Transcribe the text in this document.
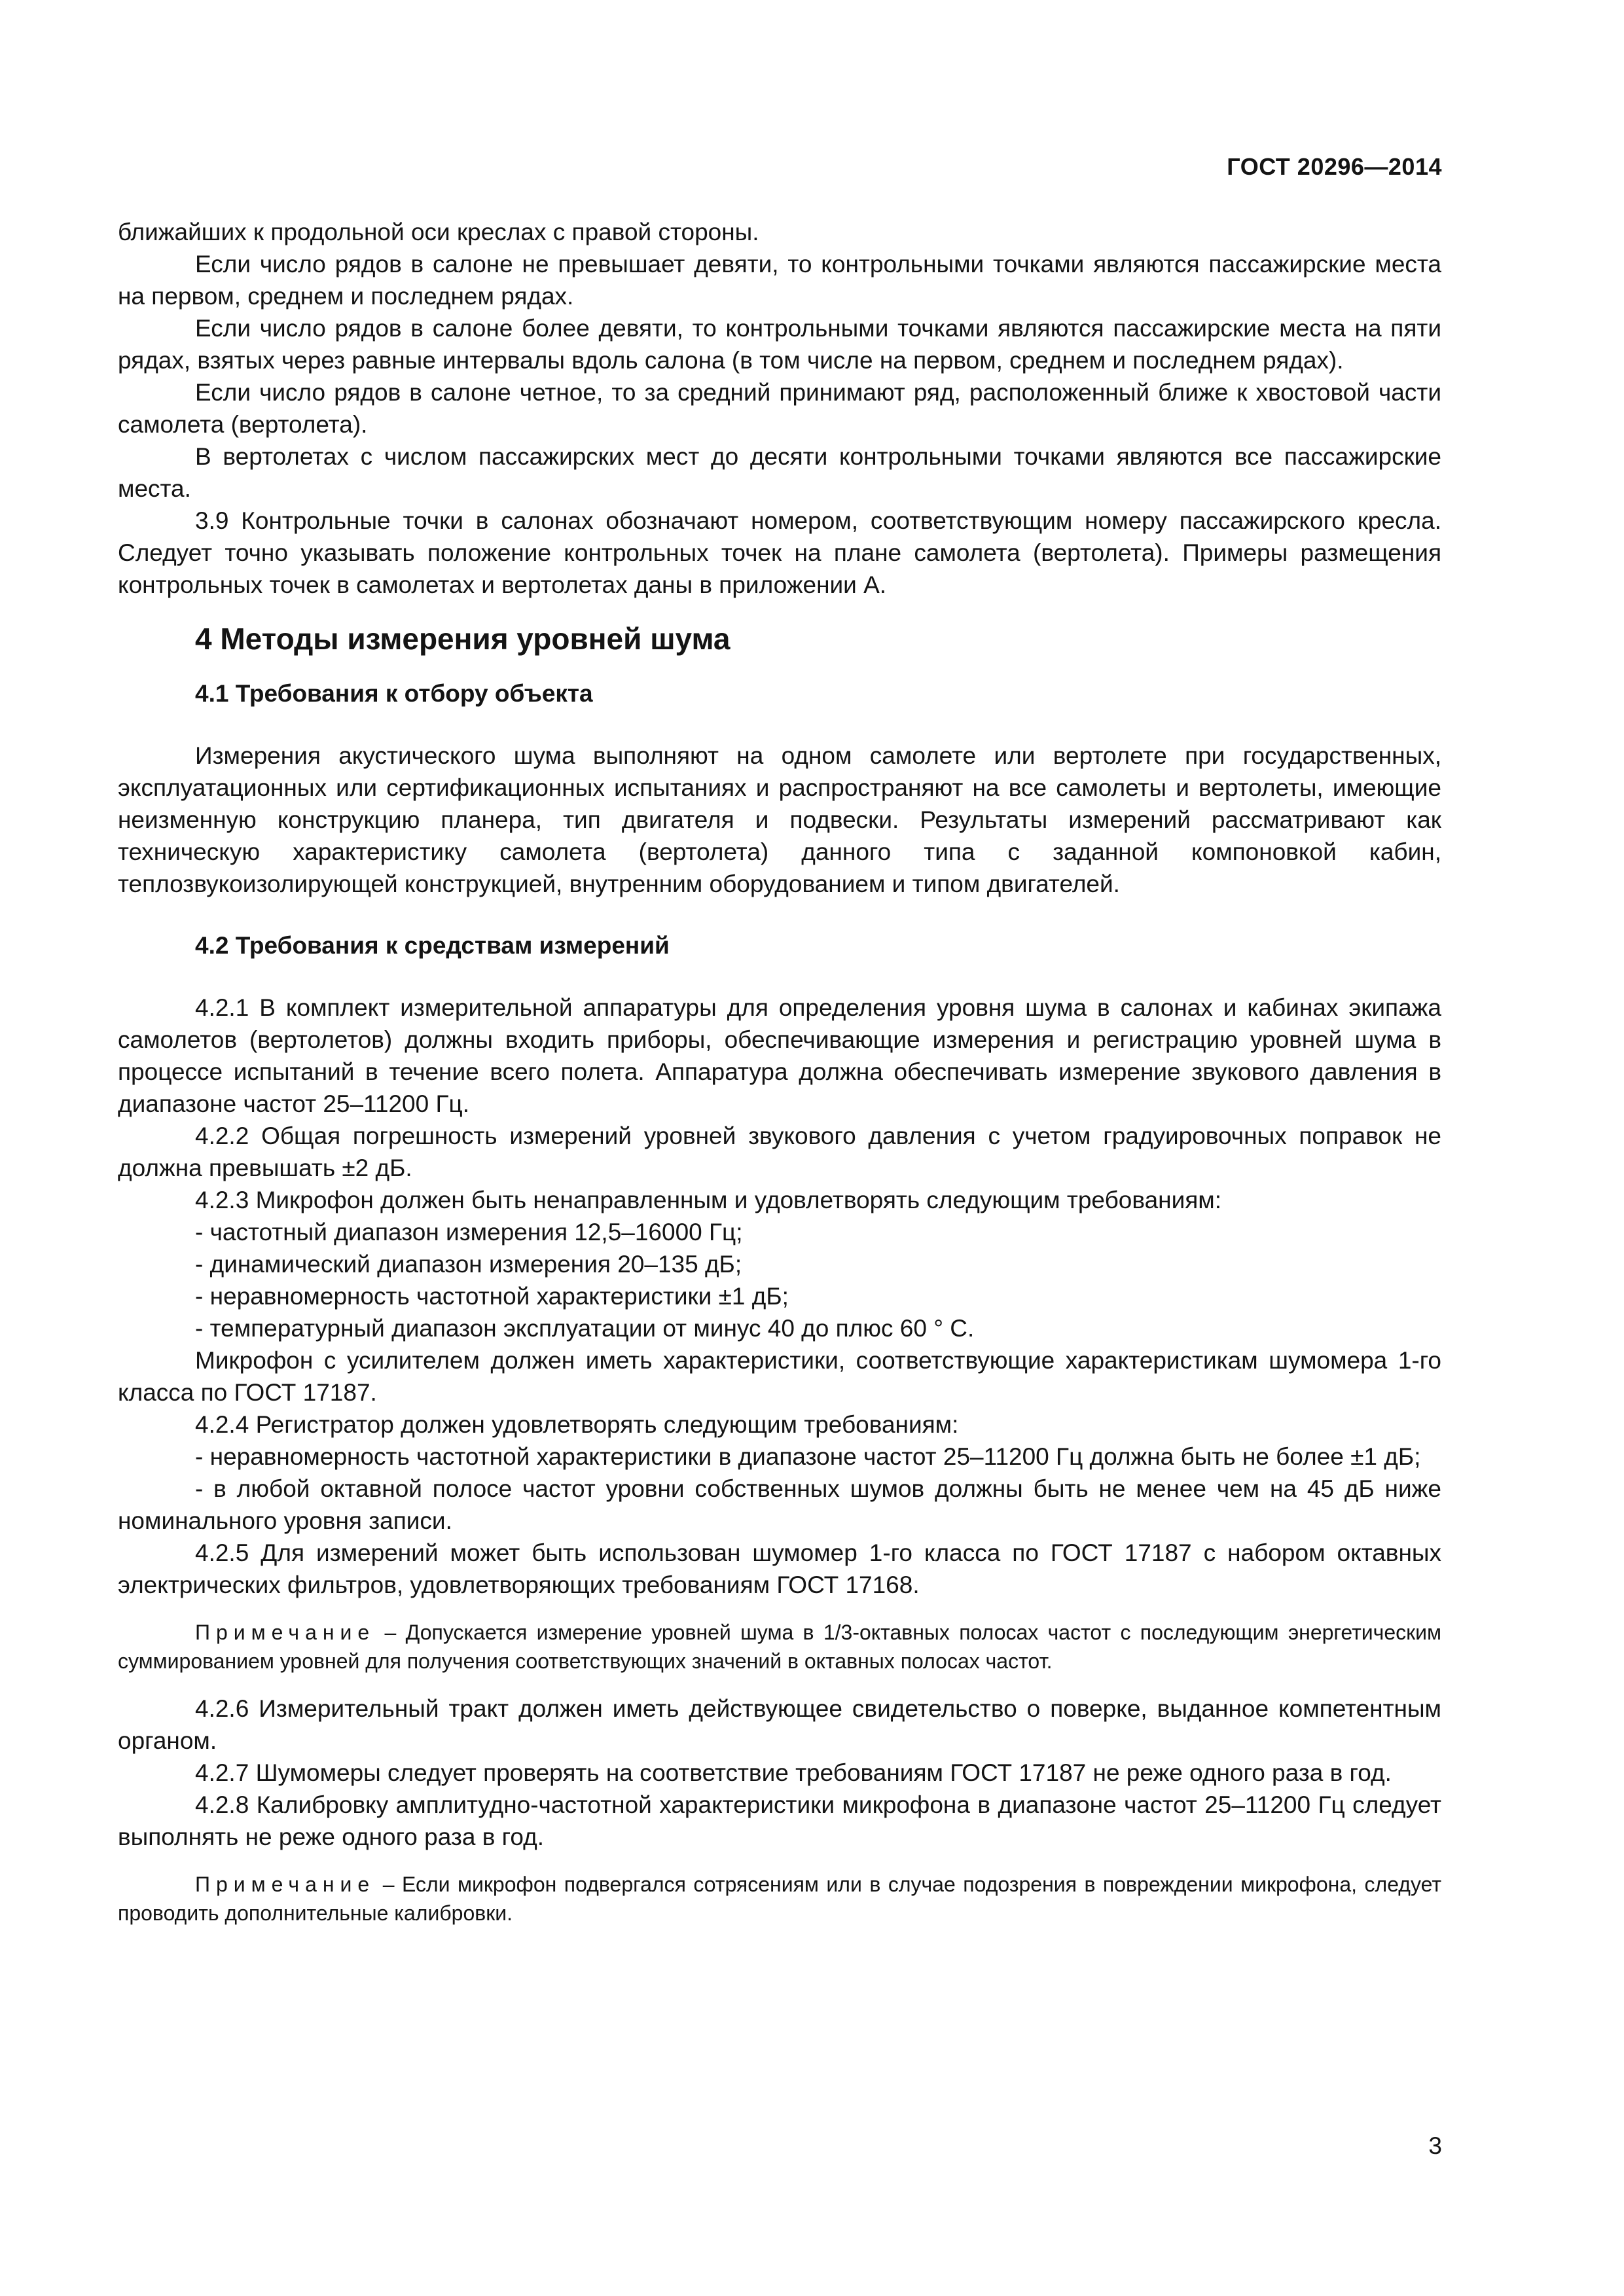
ГОСТ 20296—2014

ближайших к продольной оси креслах с правой стороны.

Если число рядов в салоне не превышает девяти, то контрольными точками являются пассажирские места на первом, среднем и последнем рядах.

Если число рядов в салоне более девяти, то контрольными точками являются пассажирские места на пяти рядах, взятых через равные интервалы вдоль салона (в том числе на первом, среднем и последнем рядах).

Если число рядов в салоне четное, то за средний принимают ряд, расположенный ближе к хвостовой части самолета (вертолета).

В вертолетах с числом пассажирских мест до десяти контрольными точками являются все пассажирские места.

3.9 Контрольные точки в салонах обозначают номером, соответствующим номеру пассажирского кресла. Следует точно указывать положение контрольных точек на плане самолета (вертолета). Примеры размещения контрольных точек в самолетах и вертолетах даны в приложении А.

4 Методы измерения уровней шума
4.1 Требования к отбору объекта

Измерения акустического шума выполняют на одном самолете или вертолете при государственных, эксплуатационных или сертификационных испытаниях и распространяют на все самолеты и вертолеты, имеющие неизменную конструкцию планера, тип двигателя и подвески. Результаты измерений рассматривают как техническую характеристику самолета (вертолета) данного типа с заданной компоновкой кабин, теплозвукоизолирующей конструкцией, внутренним оборудованием и типом двигателей.

4.2 Требования к средствам измерений

4.2.1 В комплект измерительной аппаратуры для определения уровня шума в салонах и кабинах экипажа самолетов (вертолетов) должны входить приборы, обеспечивающие измерения и регистрацию уровней шума в процессе испытаний в течение всего полета. Аппаратура должна обеспечивать измерение звукового давления в диапазоне частот 25–11200 Гц.

4.2.2 Общая погрешность измерений уровней звукового давления с учетом градуировочных поправок не должна превышать ±2 дБ.

4.2.3 Микрофон должен быть ненаправленным и удовлетворять следующим требованиям:

- частотный диапазон измерения 12,5–16000 Гц;

- динамический диапазон измерения 20–135 дБ;

- неравномерность частотной характеристики ±1 дБ;

- температурный диапазон эксплуатации от минус 40 до плюс 60 ° С.

Микрофон с усилителем должен иметь характеристики, соответствующие характеристикам шумомера 1-го класса по ГОСТ 17187.

4.2.4 Регистратор должен удовлетворять следующим требованиям:

- неравномерность частотной характеристики в диапазоне частот 25–11200 Гц должна быть не более ±1 дБ;

- в любой октавной полосе частот уровни собственных шумов должны быть не менее чем на 45 дБ ниже номинального уровня записи.

4.2.5 Для измерений может быть использован шумомер 1-го класса по ГОСТ 17187 с набором октавных электрических фильтров, удовлетворяющих требованиям ГОСТ 17168.

Примечание – Допускается измерение уровней шума в 1/3-октавных полосах частот с последующим энергетическим суммированием уровней для получения соответствующих значений в октавных полосах частот.

4.2.6 Измерительный тракт должен иметь действующее свидетельство о поверке, выданное компетентным органом.

4.2.7 Шумомеры следует проверять на соответствие требованиям ГОСТ 17187 не реже одного раза в год.

4.2.8 Калибровку амплитудно-частотной характеристики микрофона в диапазоне частот 25–11200 Гц следует выполнять не реже одного раза в год.

Примечание – Если микрофон подвергался сотрясениям или в случае подозрения в повреждении микрофона, следует проводить дополнительные калибровки.

3
